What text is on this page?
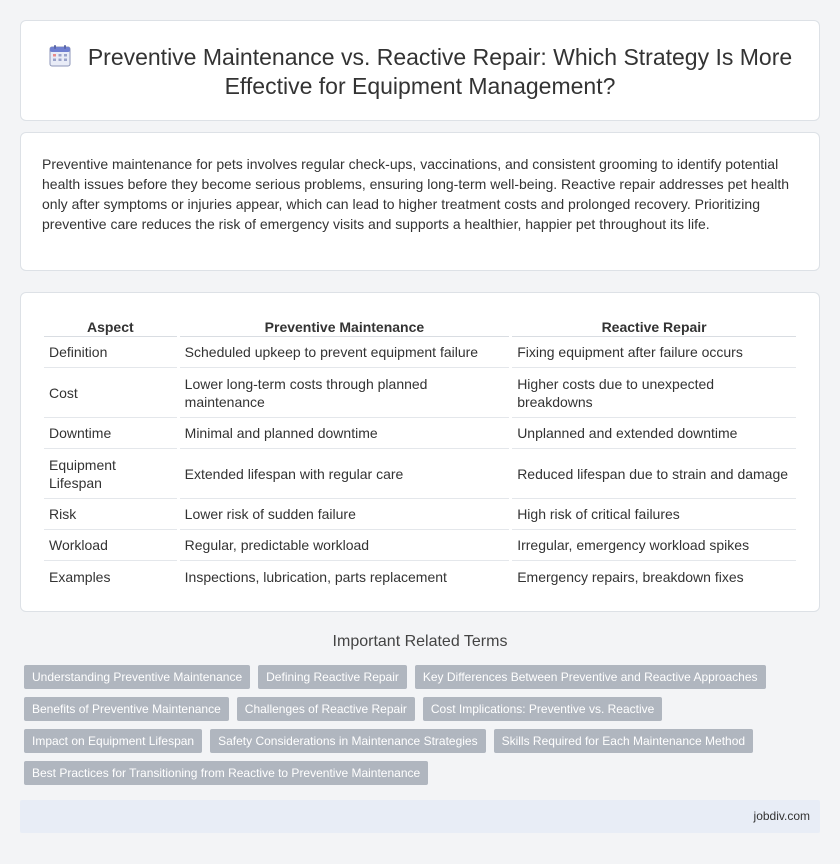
Preventive Maintenance vs. Reactive Repair: Which Strategy Is More Effective for Equipment Management?

Preventive maintenance for pets involves regular check-ups, vaccinations, and consistent grooming to identify potential health issues before they become serious problems, ensuring long-term well-being. Reactive repair addresses pet health only after symptoms or injuries appear, which can lead to higher treatment costs and prolonged recovery. Prioritizing preventive care reduces the risk of emergency visits and supports a healthier, happier pet throughout its life.

Aspect	Preventive Maintenance	Reactive Repair
Definition	Scheduled upkeep to prevent equipment failure	Fixing equipment after failure occurs
Cost	Lower long-term costs through planned maintenance	Higher costs due to unexpected breakdowns
Downtime	Minimal and planned downtime	Unplanned and extended downtime
Equipment Lifespan	Extended lifespan with regular care	Reduced lifespan due to strain and damage
Risk	Lower risk of sudden failure	High risk of critical failures
Workload	Regular, predictable workload	Irregular, emergency workload spikes
Examples	Inspections, lubrication, parts replacement	Emergency repairs, breakdown fixes
Important Related Terms
Understanding Preventive Maintenance	Defining Reactive Repair	Key Differences Between Preventive and Reactive Approaches
Benefits of Preventive Maintenance	Challenges of Reactive Repair	Cost Implications: Preventive vs. Reactive
Impact on Equipment Lifespan	Safety Considerations in Maintenance Strategies	Skills Required for Each Maintenance Method
Best Practices for Transitioning from Reactive to Preventive Maintenance
jobdiv.com
